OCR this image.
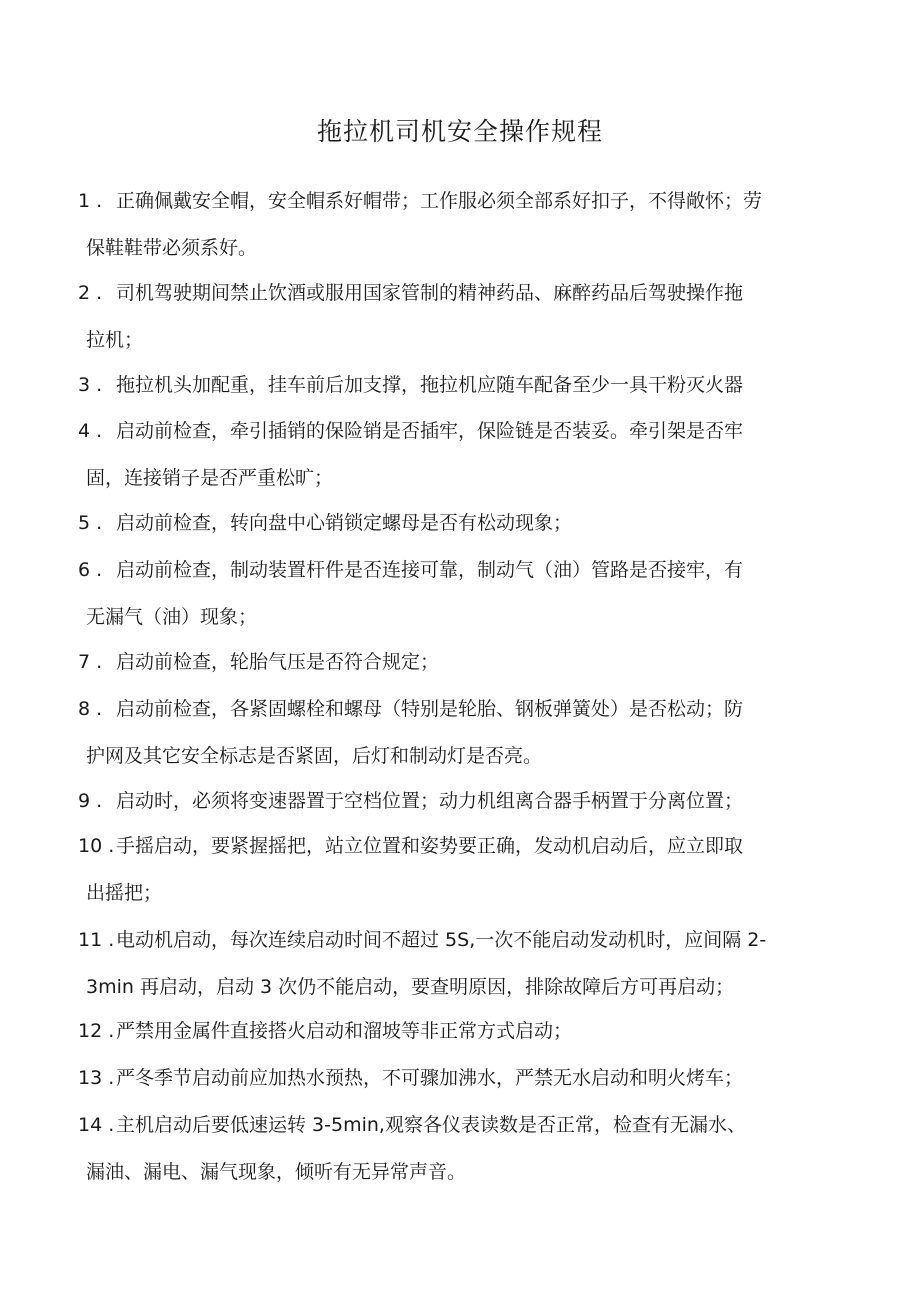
拖拉机司机安全操作规程
1 . 正确佩戴安全帽，安全帽系好帽带；工作服必须全部系好扣子，不得敞怀；劳
保鞋鞋带必须系好。
2 . 司机驾驶期间禁止饮酒或服用国家管制的精神药品、麻醉药品后驾驶操作拖
拉机；
3 . 拖拉机头加配重，挂车前后加支撑，拖拉机应随车配备至少一具干粉灭火器
4 . 启动前检查，牵引插销的保险销是否插牢，保险链是否装妥。牵引架是否牢
固，连接销子是否严重松旷；
5 . 启动前检查，转向盘中心销锁定螺母是否有松动现象；
6 . 启动前检查，制动装置杆件是否连接可靠，制动气（油）管路是否接牢，有
无漏气（油）现象；
7 . 启动前检查，轮胎气压是否符合规定；
8 . 启动前检查，各紧固螺栓和螺母（特别是轮胎、钢板弹簧处）是否松动；防
护网及其它安全标志是否紧固，后灯和制动灯是否亮。
9 . 启动时，必须将变速器置于空档位置；动力机组离合器手柄置于分离位置；
10 . 手摇启动，要紧握摇把，站立位置和姿势要正确，发动机启动后，应立即取
出摇把；
11 . 电动机启动，每次连续启动时间不超过 5S,一次不能启动发动机时，应间隔 2-
3min 再启动，启动 3 次仍不能启动，要查明原因，排除故障后方可再启动；
12 . 严禁用金属件直接搭火启动和溜坡等非正常方式启动；
13 . 严冬季节启动前应加热水预热，不可骤加沸水，严禁无水启动和明火烤车；
14 . 主机启动后要低速运转 3-5min,观察各仪表读数是否正常，检查有无漏水、
漏油、漏电、漏气现象，倾听有无异常声音。
